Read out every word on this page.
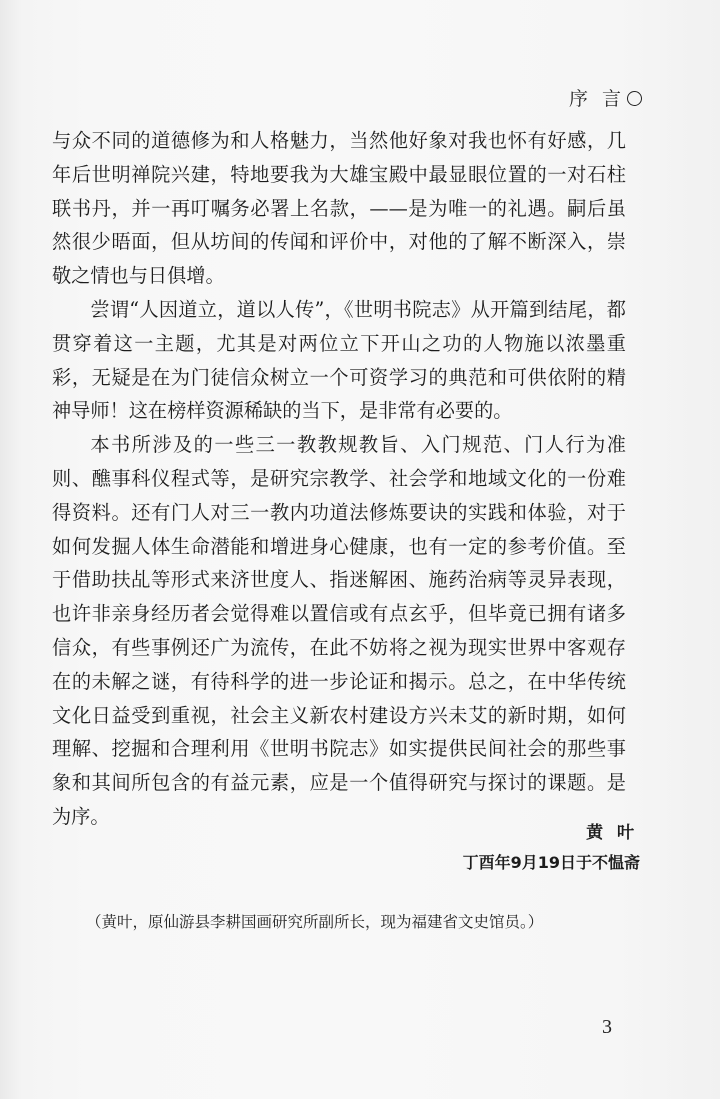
序 言

与众不同的道德修为和人格魅力，当然他好象对我也怀有好感，几年后世明禅院兴建，特地要我为大雄宝殿中最显眼位置的一对石柱联书丹，并一再叮嘱务必署上名款，——是为唯一的礼遇。嗣后虽然很少晤面，但从坊间的传闻和评价中，对他的了解不断深入，崇敬之情也与日俱增。

尝谓“人因道立，道以人传”，《世明书院志》从开篇到结尾，都贯穿着这一主题，尤其是对两位立下开山之功的人物施以浓墨重彩，无疑是在为门徒信众树立一个可资学习的典范和可供依附的精神导师！这在榜样资源稀缺的当下，是非常有必要的。

本书所涉及的一些三一教教规教旨、入门规范、门人行为准则、醮事科仪程式等，是研究宗教学、社会学和地域文化的一份难得资料。还有门人对三一教内功道法修炼要诀的实践和体验，对于如何发掘人体生命潜能和增进身心健康，也有一定的参考价值。至于借助扶乩等形式来济世度人、指迷解困、施药治病等灵异表现，也许非亲身经历者会觉得难以置信或有点玄乎，但毕竟已拥有诸多信众，有些事例还广为流传，在此不妨将之视为现实世界中客观存在的未解之谜，有待科学的进一步论证和揭示。总之，在中华传统文化日益受到重视，社会主义新农村建设方兴未艾的新时期，如何理解、挖掘和合理利用《世明书院志》如实提供民间社会的那些事象和其间所包含的有益元素，应是一个值得研究与探讨的课题。是为序。

黄 叶
丁酉年9月19日于不愠斋
（黄叶，原仙游县李耕国画研究所副所长，现为福建省文史馆员。）
3
